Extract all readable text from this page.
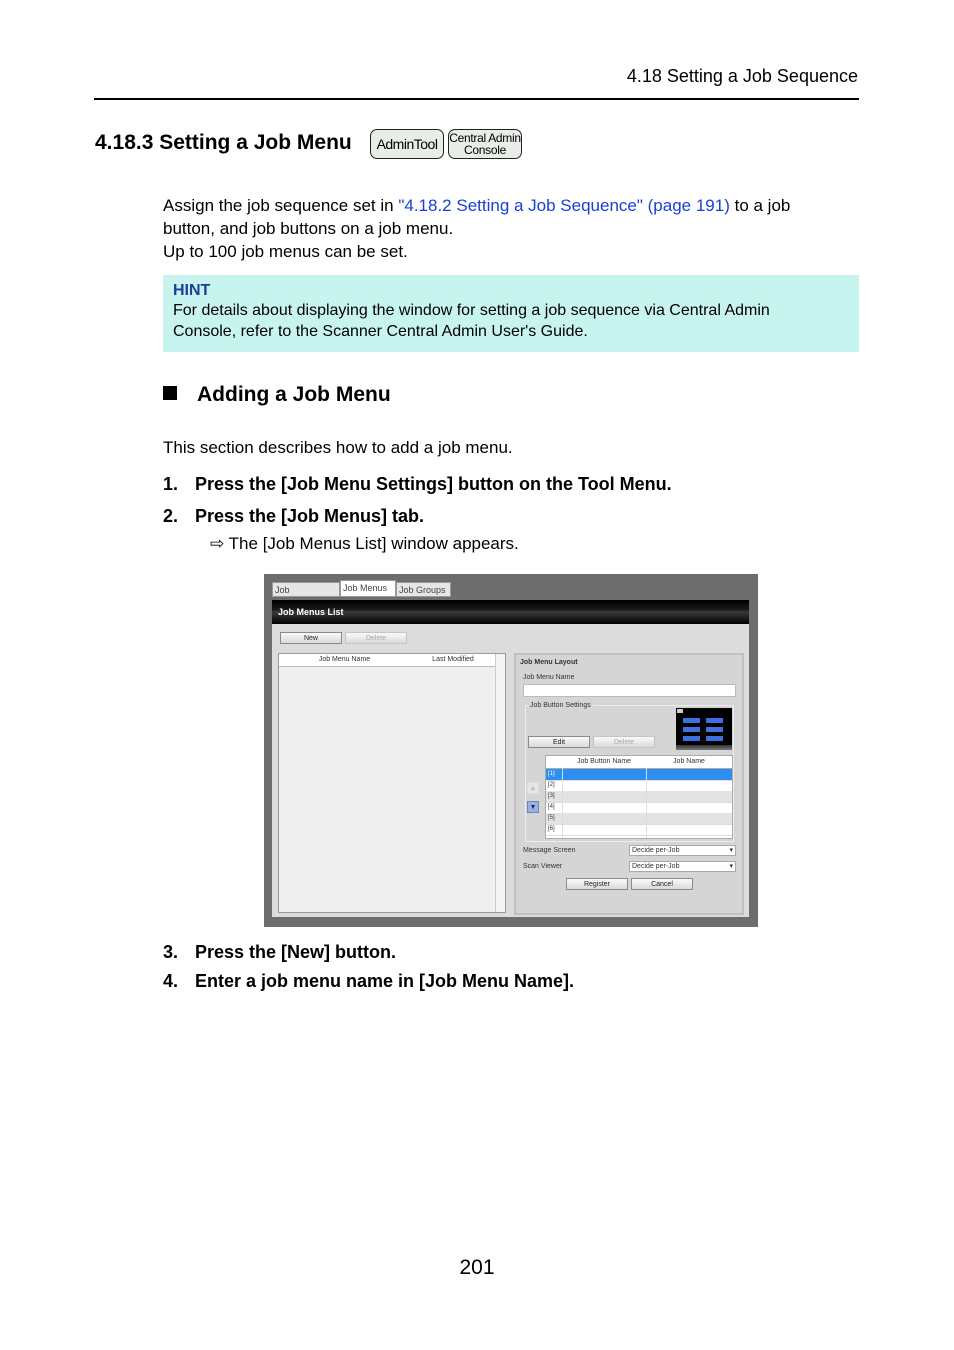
4.18 Setting a Job Sequence
4.18.3 Setting a Job Menu	AdminTool Central Admin
Console
Assign the job sequence set in "4.18.2 Setting a Job Sequence" (page 191) to a job
button, and job buttons on a job menu.
Up to 100 job menus can be set.
HINT
For details about displaying the window for setting a job sequence via Central Admin
Console, refer to the Scanner Central Admin User's Guide.
Adding a Job Menu
This section describes how to add a job menu.
1. Press the [Job Menu Settings] button on the Tool Menu.
2. Press the [Job Menus] tab.
⇨ The [Job Menus List] window appears.
Job	Job Menus	Job Groups
Job Menus List
New	Delete
Job Menu Name	Last Modified	Job Menu Layout
Job Menu Name
Job Button Settings
Edit	Delete
▲
▼
Job Button Name	Job Name
[1]
[2]
[3]
[4]
[5]
[6]
Message Screen	Decide per-Job ▾
Scan Viewer	Decide per-Job ▾
Register	Cancel
3. Press the [New] button.
4. Enter a job menu name in [Job Menu Name].
201
